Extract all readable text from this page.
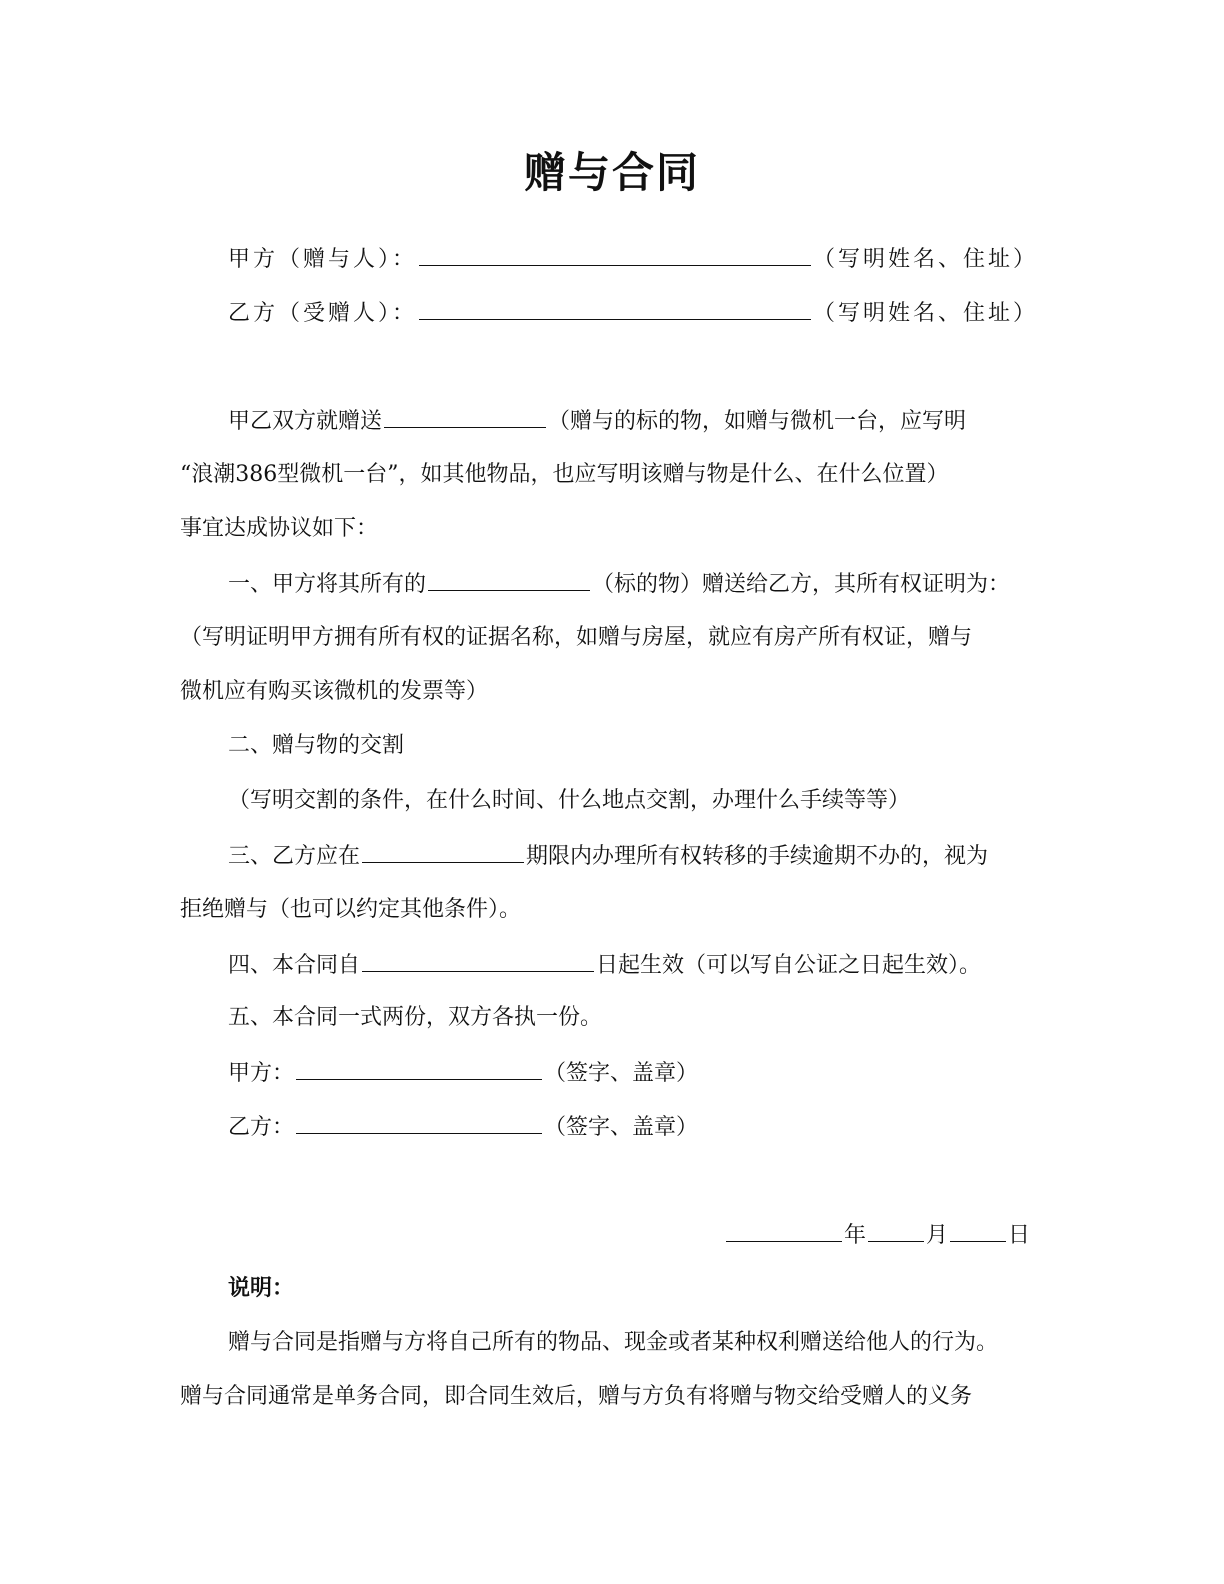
赠与合同
甲方（赠与人）：	（写明姓名、住址）
乙方（受赠人）：	（写明姓名、住址）
甲乙双方就赠送	（赠与的标的物，如赠与微机一台，应写明
“浪潮386型微机一台”，如其他物品，也应写明该赠与物是什么、在什么位置）
事宜达成协议如下：
一、甲方将其所有的	（标的物）赠送给乙方，其所有权证明为：
（写明证明甲方拥有所有权的证据名称，如赠与房屋，就应有房产所有权证，赠与
微机应有购买该微机的发票等）
二、赠与物的交割
（写明交割的条件，在什么时间、什么地点交割，办理什么手续等等）
三、乙方应在	期限内办理所有权转移的手续逾期不办的，视为
拒绝赠与（也可以约定其他条件）。
四、本合同自	日起生效（可以写自公证之日起生效）。
五、本合同一式两份，双方各执一份。
甲方：	（签字、盖章）
乙方：	（签字、盖章）
年	月	日
说明：
赠与合同是指赠与方将自己所有的物品、现金或者某种权利赠送给他人的行为。
赠与合同通常是单务合同，即合同生效后，赠与方负有将赠与物交给受赠人的义务
